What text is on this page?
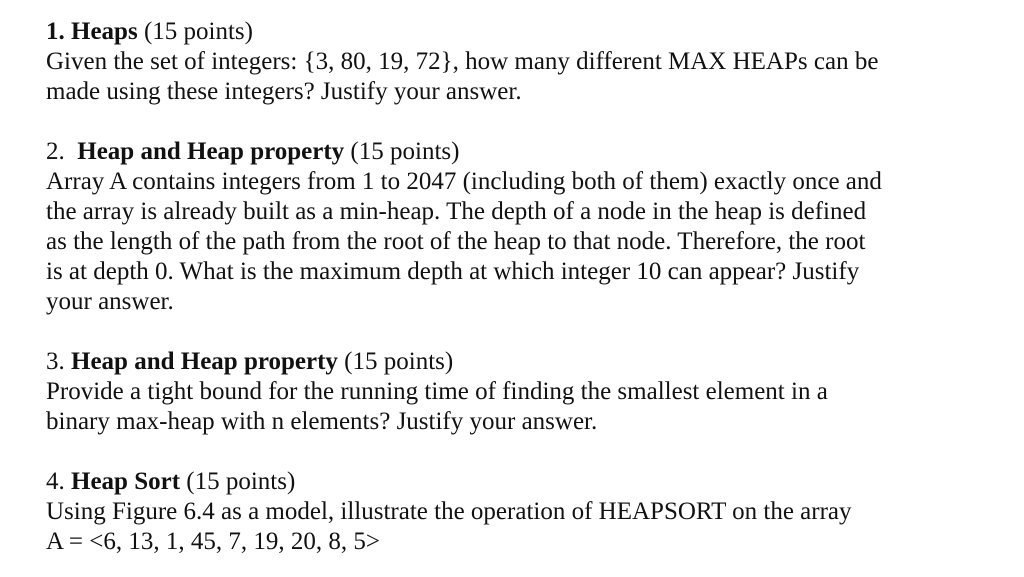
1. Heaps (15 points)
Given the set of integers: {3, 80, 19, 72}, how many different MAX HEAPs can be
made using these integers? Justify your answer.
2. Heap and Heap property (15 points)
Array A contains integers from 1 to 2047 (including both of them) exactly once and
the array is already built as a min-heap. The depth of a node in the heap is defined
as the length of the path from the root of the heap to that node. Therefore, the root
is at depth 0. What is the maximum depth at which integer 10 can appear? Justify
your answer.
3. Heap and Heap property (15 points)
Provide a tight bound for the running time of finding the smallest element in a
binary max-heap with n elements? Justify your answer.
4. Heap Sort (15 points)
Using Figure 6.4 as a model, illustrate the operation of HEAPSORT on the array
A = <6, 13, 1, 45, 7, 19, 20, 8, 5>
